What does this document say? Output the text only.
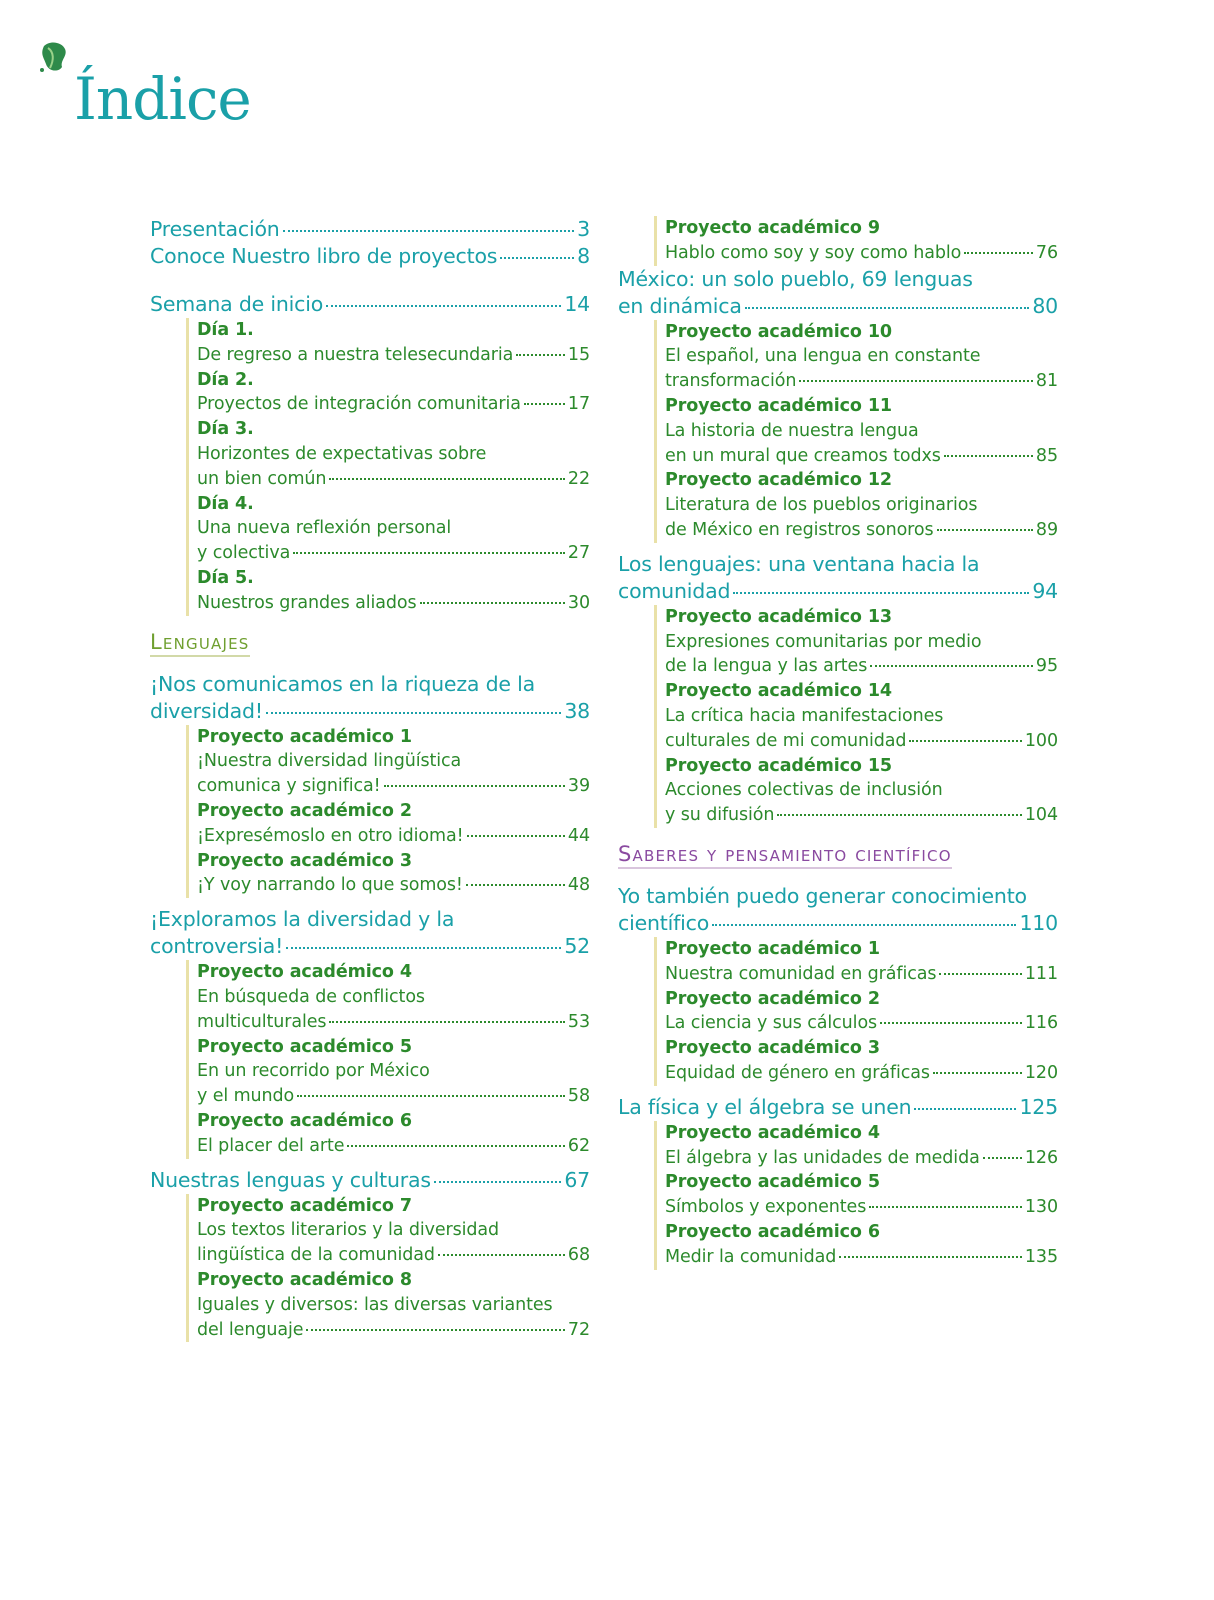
Índice
Presentación	3
Conoce Nuestro libro de proyectos	8
Semana de inicio	14
Día 1.
De regreso a nuestra telesecundaria	15
Día 2.
Proyectos de integración comunitaria	17
Día 3.
Horizontes de expectativas sobre
un bien común	22
Día 4.
Una nueva reflexión personal
y colectiva	27
Día 5.
Nuestros grandes aliados	30
Lenguajes
¡Nos comunicamos en la riqueza de la
diversidad!	38
Proyecto académico 1
¡Nuestra diversidad lingüística
comunica y significa!	39
Proyecto académico 2
¡Expresémoslo en otro idioma!	44
Proyecto académico 3
¡Y voy narrando lo que somos!	48
¡Exploramos la diversidad y la
controversia!	52
Proyecto académico 4
En búsqueda de conflictos
multiculturales	53
Proyecto académico 5
En un recorrido por México
y el mundo	58
Proyecto académico 6
El placer del arte	62
Nuestras lenguas y culturas	67
Proyecto académico 7
Los textos literarios y la diversidad
lingüística de la comunidad	68
Proyecto académico 8
Iguales y diversos: las diversas variantes
del lenguaje	72
Proyecto académico 9
Hablo como soy y soy como hablo	76
México: un solo pueblo, 69 lenguas
en dinámica	80
Proyecto académico 10
El español, una lengua en constante
transformación	81
Proyecto académico 11
La historia de nuestra lengua
en un mural que creamos todxs	85
Proyecto académico 12
Literatura de los pueblos originarios
de México en registros sonoros	89
Los lenguajes: una ventana hacia la
comunidad	94
Proyecto académico 13
Expresiones comunitarias por medio
de la lengua y las artes	95
Proyecto académico 14
La crítica hacia manifestaciones
culturales de mi comunidad	100
Proyecto académico 15
Acciones colectivas de inclusión
y su difusión	104
Saberes y pensamiento científico
Yo también puedo generar conocimiento
científico	110
Proyecto académico 1
Nuestra comunidad en gráficas	111
Proyecto académico 2
La ciencia y sus cálculos	116
Proyecto académico 3
Equidad de género en gráficas	120
La física y el álgebra se unen	125
Proyecto académico 4
El álgebra y las unidades de medida	126
Proyecto académico 5
Símbolos y exponentes	130
Proyecto académico 6
Medir la comunidad	135
